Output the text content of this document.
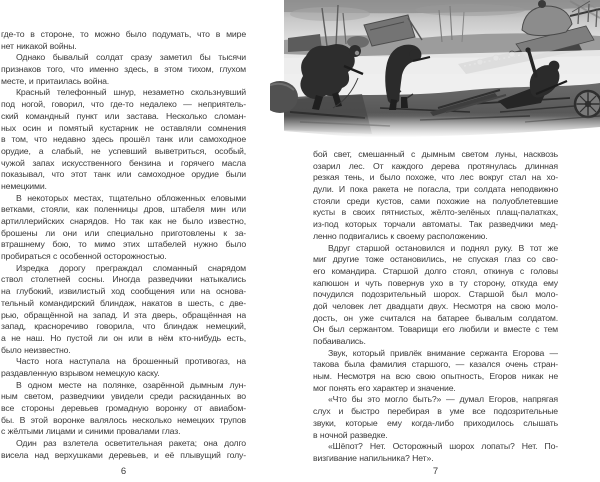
где-то в стороне, то можно было подумать, что в мире
нет никакой войны.
Однако бывалый солдат сразу заметил бы тысячи
признаков того, что именно здесь, в этом тихом, глухом
месте, и притаилась война.
Красный телефонный шнур, незаметно скользнувший
под ногой, говорил, что где-то недалеко — неприятель-
ский командный пункт или застава. Несколько сломан-
ных осин и помятый кустарник не оставляли сомнения
в том, что недавно здесь прошёл танк или самоходное
орудие, а слабый, не успевший выветриться, особый,
чужой запах искусственного бензина и горячего масла
показывал, что этот танк или самоходное орудие были
немецкими.
В некоторых местах, тщательно обложенных еловыми
ветками, стояли, как поленницы дров, штабеля мин или
артиллерийских снарядов. Но так как не было известно,
брошены ли они или специально приготовлены к за-
втрашнему бою, то мимо этих штабелей нужно было
пробираться с особенной осторожностью.
Изредка дорогу преграждал сломанный снарядом
ствол столетней сосны. Иногда разведчики натыкались
на глубокий, извилистый ход сообщения или на основа-
тельный командирский блиндаж, накатов в шесть, с две-
рью, обращённой на запад. И эта дверь, обращённая на
запад, красноречиво говорила, что блиндаж немецкий,
а не наш. Но пустой ли он или в нём кто-нибудь есть,
было неизвестно.
Часто нога наступала на брошенный противогаз, на
раздавленную взрывом немецкую каску.
В одном месте на полянке, озарённой дымным лун-
ным светом, разведчики увидели среди раскиданных во
все стороны деревьев громадную воронку от авиабом-
бы. В этой воронке валялось несколько немецких трупов
с жёлтыми лицами и синими провалами глаз.
Один раз взлетела осветительная ракета; она долго
висела над верхушками деревьев, и её плывущий голу-
6
бой свет, смешанный с дымным светом луны, насквозь
озарил лес. От каждого дерева протянулась длинная
резкая тень, и было похоже, что лес вокруг стал на хо-
дули. И пока ракета не погасла, три солдата неподвижно
стояли среди кустов, сами похожие на полуоблетевшие
кусты в своих пятнистых, жёлто-зелёных плащ-палатках,
из-под которых торчали автоматы. Так разведчики мед-
ленно подвигались к своему расположению.
Вдруг старшой остановился и поднял руку. В тот же
миг другие тоже остановились, не спуская глаз со сво-
его командира. Старшой долго стоял, откинув с головы
капюшон и чуть повернув ухо в ту сторону, откуда ему
почудился подозрительный шорох. Старшой был моло-
дой человек лет двадцати двух. Несмотря на свою моло-
дость, он уже считался на батарее бывалым солдатом.
Он был сержантом. Товарищи его любили и вместе с тем
побаивались.
Звук, который привлёк внимание сержанта Егорова —
такова была фамилия старшого, — казался очень стран-
ным. Несмотря на всю свою опытность, Егоров никак не
мог понять его характер и значение.
«Что бы это могло быть?» — думал Егоров, напрягая
слух и быстро перебирая в уме все подозрительные
звуки, которые ему когда-либо приходилось слышать
в ночной разведке.
«Шёпот? Нет. Осторожный шорох лопаты? Нет. По-
визгивание напильника? Нет».
7
